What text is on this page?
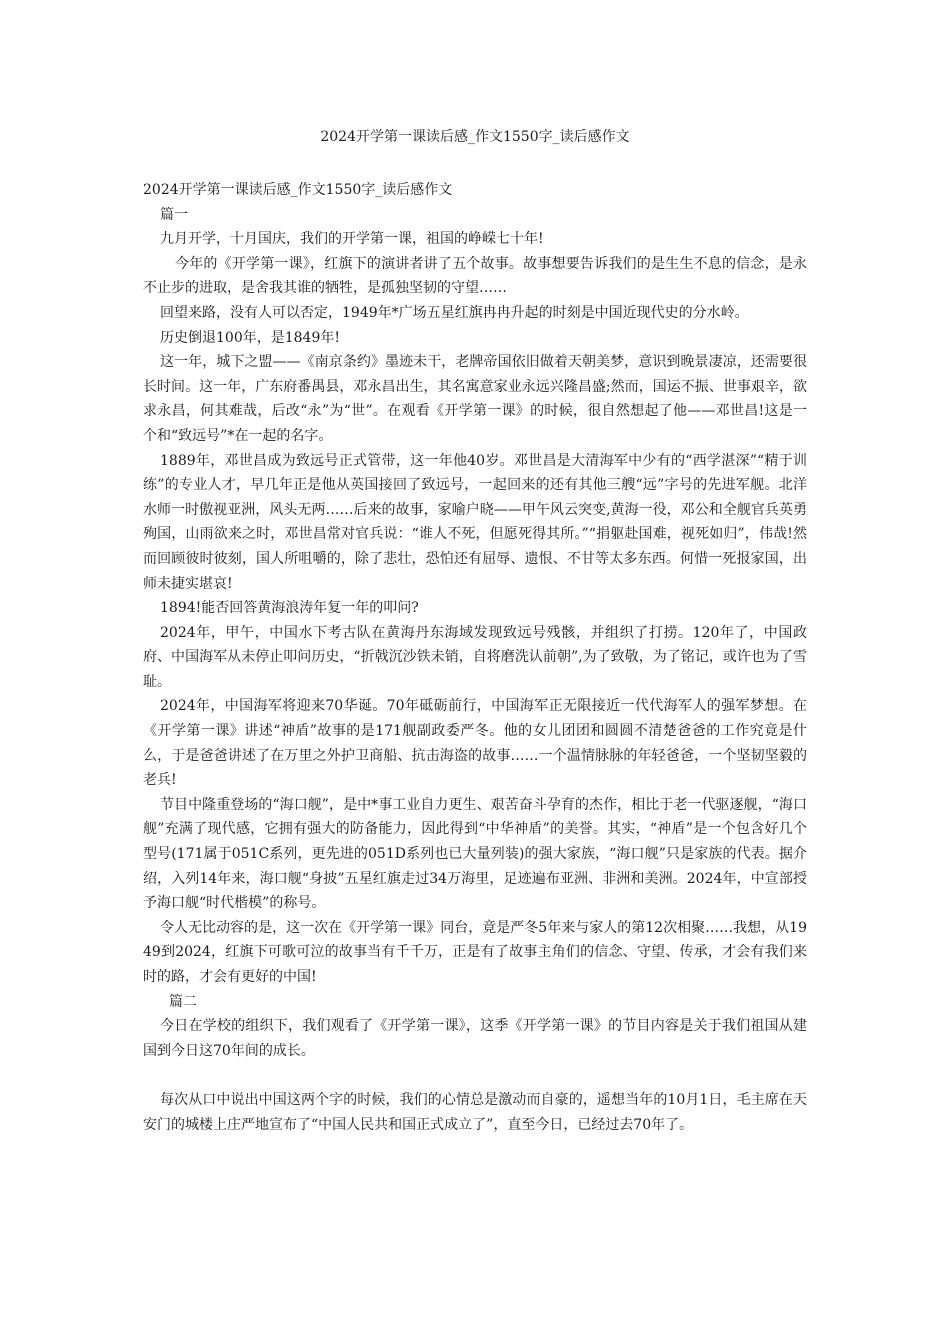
2024开学第一课读后感_作文1550字_读后感作文

2024开学第一课读后感_作文1550字_读后感作文

篇一

九月开学，十月国庆，我们的开学第一课，祖国的峥嵘七十年!

今年的《开学第一课》，红旗下的演讲者讲了五个故事。故事想要告诉我们的是生生不息的信念，是永不止步的进取，是舍我其谁的牺牲，是孤独坚韧的守望……

回望来路，没有人可以否定，1949年*广场五星红旗冉冉升起的时刻是中国近现代史的分水岭。

历史倒退100年，是1849年!

这一年，城下之盟——《南京条约》墨迹未干，老牌帝国依旧做着天朝美梦，意识到晚景凄凉，还需要很长时间。这一年，广东府番禺县，邓永昌出生，其名寓意家业永远兴隆昌盛;然而，国运不振、世事艰辛，欲求永昌，何其难哉，后改“永”为“世”。在观看《开学第一课》的时候，很自然想起了他——邓世昌!这是一个和“致远号”*在一起的名字。

1889年，邓世昌成为致远号正式管带，这一年他40岁。邓世昌是大清海军中少有的“西学湛深”“精于训练”的专业人才，早几年正是他从英国接回了致远号，一起回来的还有其他三艘“远”字号的先进军舰。北洋水师一时傲视亚洲，风头无两……后来的故事，家喻户晓——甲午风云突变,黄海一役，邓公和全舰官兵英勇殉国，山雨欲来之时，邓世昌常对官兵说：“谁人不死，但愿死得其所。”“捐躯赴国难，视死如归”，伟哉!然而回顾彼时彼刻，国人所咀嚼的，除了悲壮，恐怕还有屈辱、遗恨、不甘等太多东西。何惜一死报家国，出师未捷实堪哀!

1894!能否回答黄海浪涛年复一年的叩问?

2024年，甲午，中国水下考古队在黄海丹东海域发现致远号残骸，并组织了打捞。120年了，中国政府、中国海军从未停止叩问历史，“折戟沉沙铁未销，自将磨洗认前朝”,为了致敬，为了铭记，或许也为了雪耻。

2024年，中国海军将迎来70华诞。70年砥砺前行，中国海军正无限接近一代代海军人的强军梦想。在《开学第一课》讲述“神盾”故事的是171舰副政委严冬。他的女儿团团和圆圆不清楚爸爸的工作究竟是什么，于是爸爸讲述了在万里之外护卫商船、抗击海盗的故事……一个温情脉脉的年轻爸爸，一个坚韧坚毅的老兵!

节目中隆重登场的“海口舰”，是中*事工业自力更生、艰苦奋斗孕育的杰作，相比于老一代驱逐舰，“海口舰”充满了现代感，它拥有强大的防备能力，因此得到“中华神盾”的美誉。其实，“神盾”是一个包含好几个型号(171属于051C系列，更先进的051D系列也已大量列装)的强大家族，“海口舰”只是家族的代表。据介绍，入列14年来，海口舰“身披”五星红旗走过34万海里，足迹遍布亚洲、非洲和美洲。2024年，中宣部授予海口舰“时代楷模”的称号。

令人无比动容的是，这一次在《开学第一课》同台，竟是严冬5年来与家人的第12次相聚……我想，从1949到2024，红旗下可歌可泣的故事当有千千万，正是有了故事主角们的信念、守望、传承，才会有我们来时的路，才会有更好的中国!

篇二

今日在学校的组织下，我们观看了《开学第一课》，这季《开学第一课》的节目内容是关于我们祖国从建国到今日这70年间的成长。

每次从口中说出中国这两个字的时候，我们的心情总是激动而自豪的，遥想当年的10月1日，毛主席在天安门的城楼上庄严地宣布了“中国人民共和国正式成立了”，直至今日，已经过去70年了。
